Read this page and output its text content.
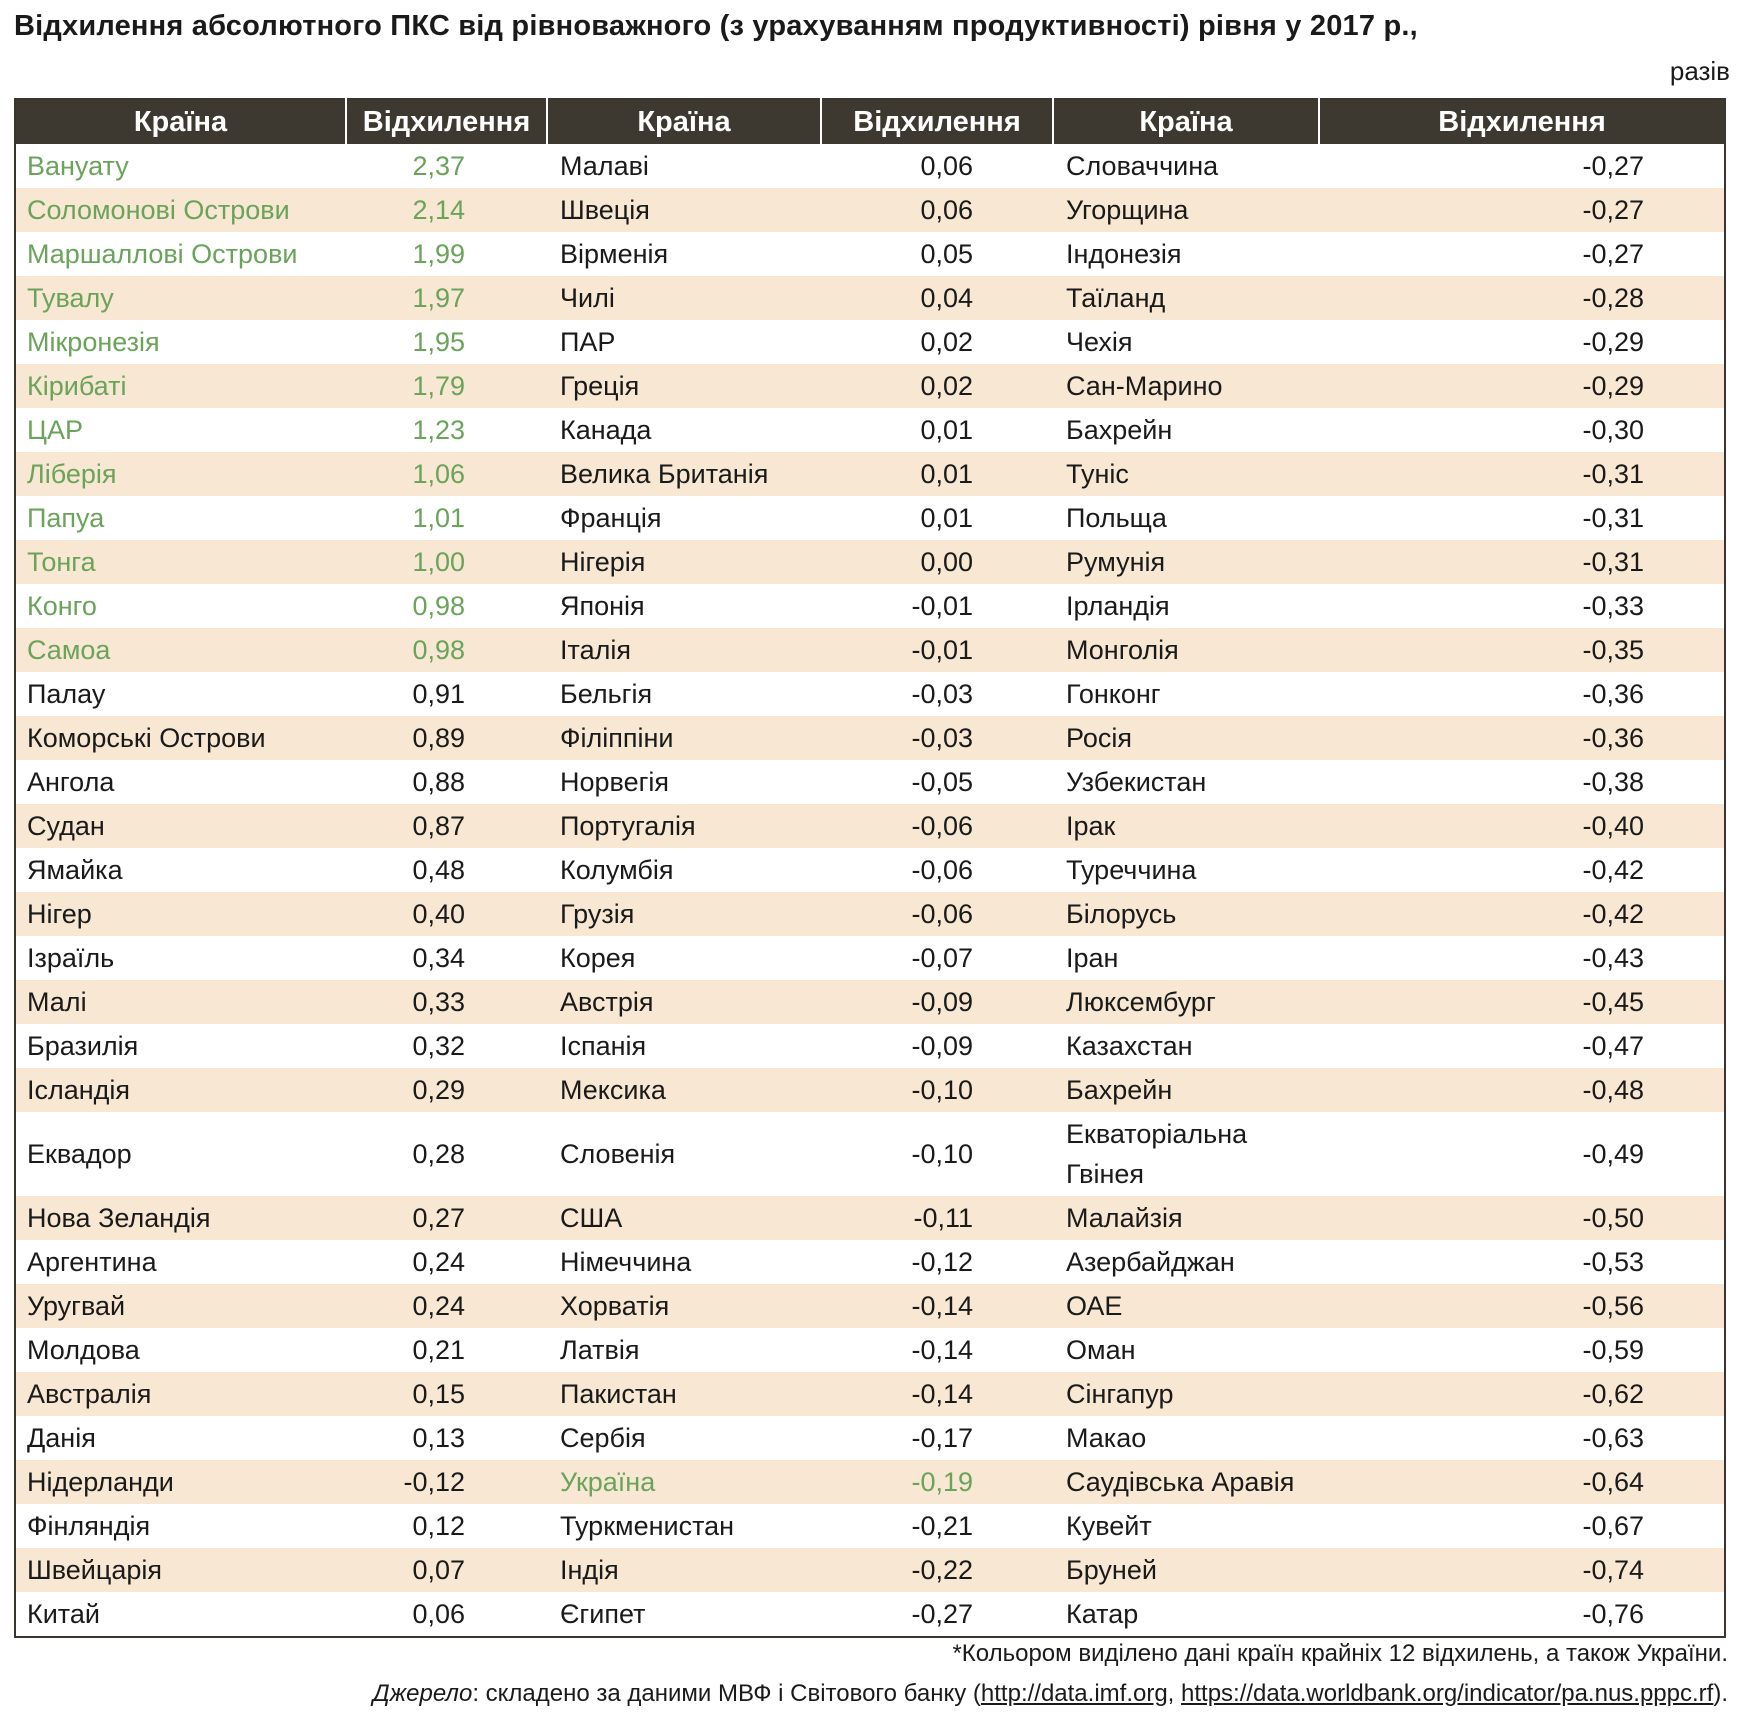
Відхилення абсолютного ПКС від рівноважного (з урахуванням продуктивності) рівня у 2017 р.,
разів
Країна	Відхилення	Країна	Відхилення	Країна	Відхилення
Вануату	2,37	Малаві	0,06	Словаччина	-0,27
Соломонові Острови	2,14	Швеція	0,06	Угорщина	-0,27
Маршаллові Острови	1,99	Вірменія	0,05	Індонезія	-0,27
Тувалу	1,97	Чилі	0,04	Таїланд	-0,28
Мікронезія	1,95	ПАР	0,02	Чехія	-0,29
Кірибаті	1,79	Греція	0,02	Сан-Марино	-0,29
ЦАР	1,23	Канада	0,01	Бахрейн	-0,30
Ліберія	1,06	Велика Британія	0,01	Туніс	-0,31
Папуа	1,01	Франція	0,01	Польща	-0,31
Тонга	1,00	Нігерія	0,00	Румунія	-0,31
Конго	0,98	Японія	-0,01	Ірландія	-0,33
Самоа	0,98	Італія	-0,01	Монголія	-0,35
Палау	0,91	Бельгія	-0,03	Гонконг	-0,36
Коморські Острови	0,89	Філіппіни	-0,03	Росія	-0,36
Ангола	0,88	Норвегія	-0,05	Узбекистан	-0,38
Судан	0,87	Португалія	-0,06	Ірак	-0,40
Ямайка	0,48	Колумбія	-0,06	Туреччина	-0,42
Нігер	0,40	Грузія	-0,06	Білорусь	-0,42
Ізраїль	0,34	Корея	-0,07	Іран	-0,43
Малі	0,33	Австрія	-0,09	Люксембург	-0,45
Бразилія	0,32	Іспанія	-0,09	Казахстан	-0,47
Ісландія	0,29	Мексика	-0,10	Бахрейн	-0,48
Еквадор	0,28	Словенія	-0,10	Екваторіальна Гвінея	-0,49
Нова Зеландія	0,27	США	-0,11	Малайзія	-0,50
Аргентина	0,24	Німеччина	-0,12	Азербайджан	-0,53
Уругвай	0,24	Хорватія	-0,14	ОАЕ	-0,56
Молдова	0,21	Латвія	-0,14	Оман	-0,59
Австралія	0,15	Пакистан	-0,14	Сінгапур	-0,62
Данія	0,13	Сербія	-0,17	Макао	-0,63
Нідерланди	-0,12	Україна	-0,19	Саудівська Аравія	-0,64
Фінляндія	0,12	Туркменистан	-0,21	Кувейт	-0,67
Швейцарія	0,07	Індія	-0,22	Бруней	-0,74
Китай	0,06	Єгипет	-0,27	Катар	-0,76
*Кольором виділено дані країн крайніх 12 відхилень, а також України.
Джерело: складено за даними МВФ і Світового банку (http://data.imf.org, https://data.worldbank.org/indicator/pa.nus.pppc.rf).
